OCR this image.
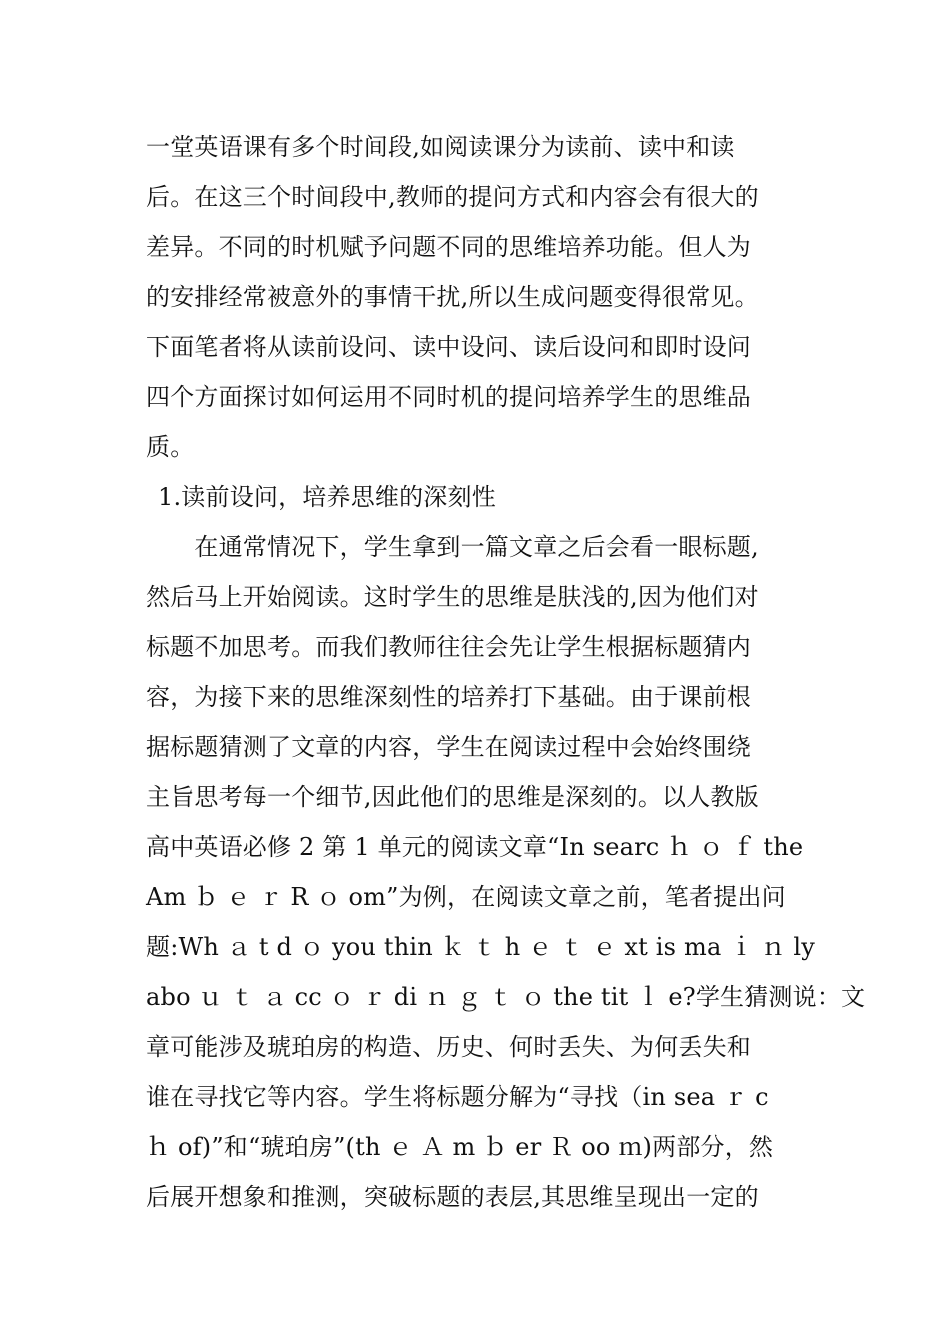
一堂英语课有多个时间段,如阅读课分为读前、读中和读
后。在这三个时间段中,教师的提问方式和内容会有很大的
差异。不同的时机赋予问题不同的思维培养功能。但人为
的安排经常被意外的事情干扰,所以生成问题变得很常见。
下面笔者将从读前设问、读中设问、读后设问和即时设问
四个方面探讨如何运用不同时机的提问培养学生的思维品
质。
1.读前设问，培养思维的深刻性
　　在通常情况下，学生拿到一篇文章之后会看一眼标题,
然后马上开始阅读。这时学生的思维是肤浅的,因为他们对
标题不加思考。而我们教师往往会先让学生根据标题猜内
容，为接下来的思维深刻性的培养打下基础。由于课前根
据标题猜测了文章的内容，学生在阅读过程中会始终围绕
主旨思考每一个细节,因此他们的思维是深刻的。以人教版
高中英语必修 2 第 1 单元的阅读文章“In searc ｈ ｏ ｆ the
Am ｂ ｅ ｒ R ｏ om”为例，在阅读文章之前，笔者提出问
题:Wh ａ t d ｏ you thin ｋ ｔ h ｅ ｔ ｅ xt is ma ｉ ｎ ly
abo ｕ ｔ ａ cc ｏ ｒ di ｎ ｇ ｔ ｏ the tit ｌ e?学生猜测说：文
章可能涉及琥珀房的构造、历史、何时丢失、为何丢失和
谁在寻找它等内容。学生将标题分解为“寻找（in sea ｒ c
ｈ of)”和“琥珀房”(th ｅ Ａ m ｂ er Ｒ oo ｍ)两部分，然
后展开想象和推测，突破标题的表层,其思维呈现出一定的
